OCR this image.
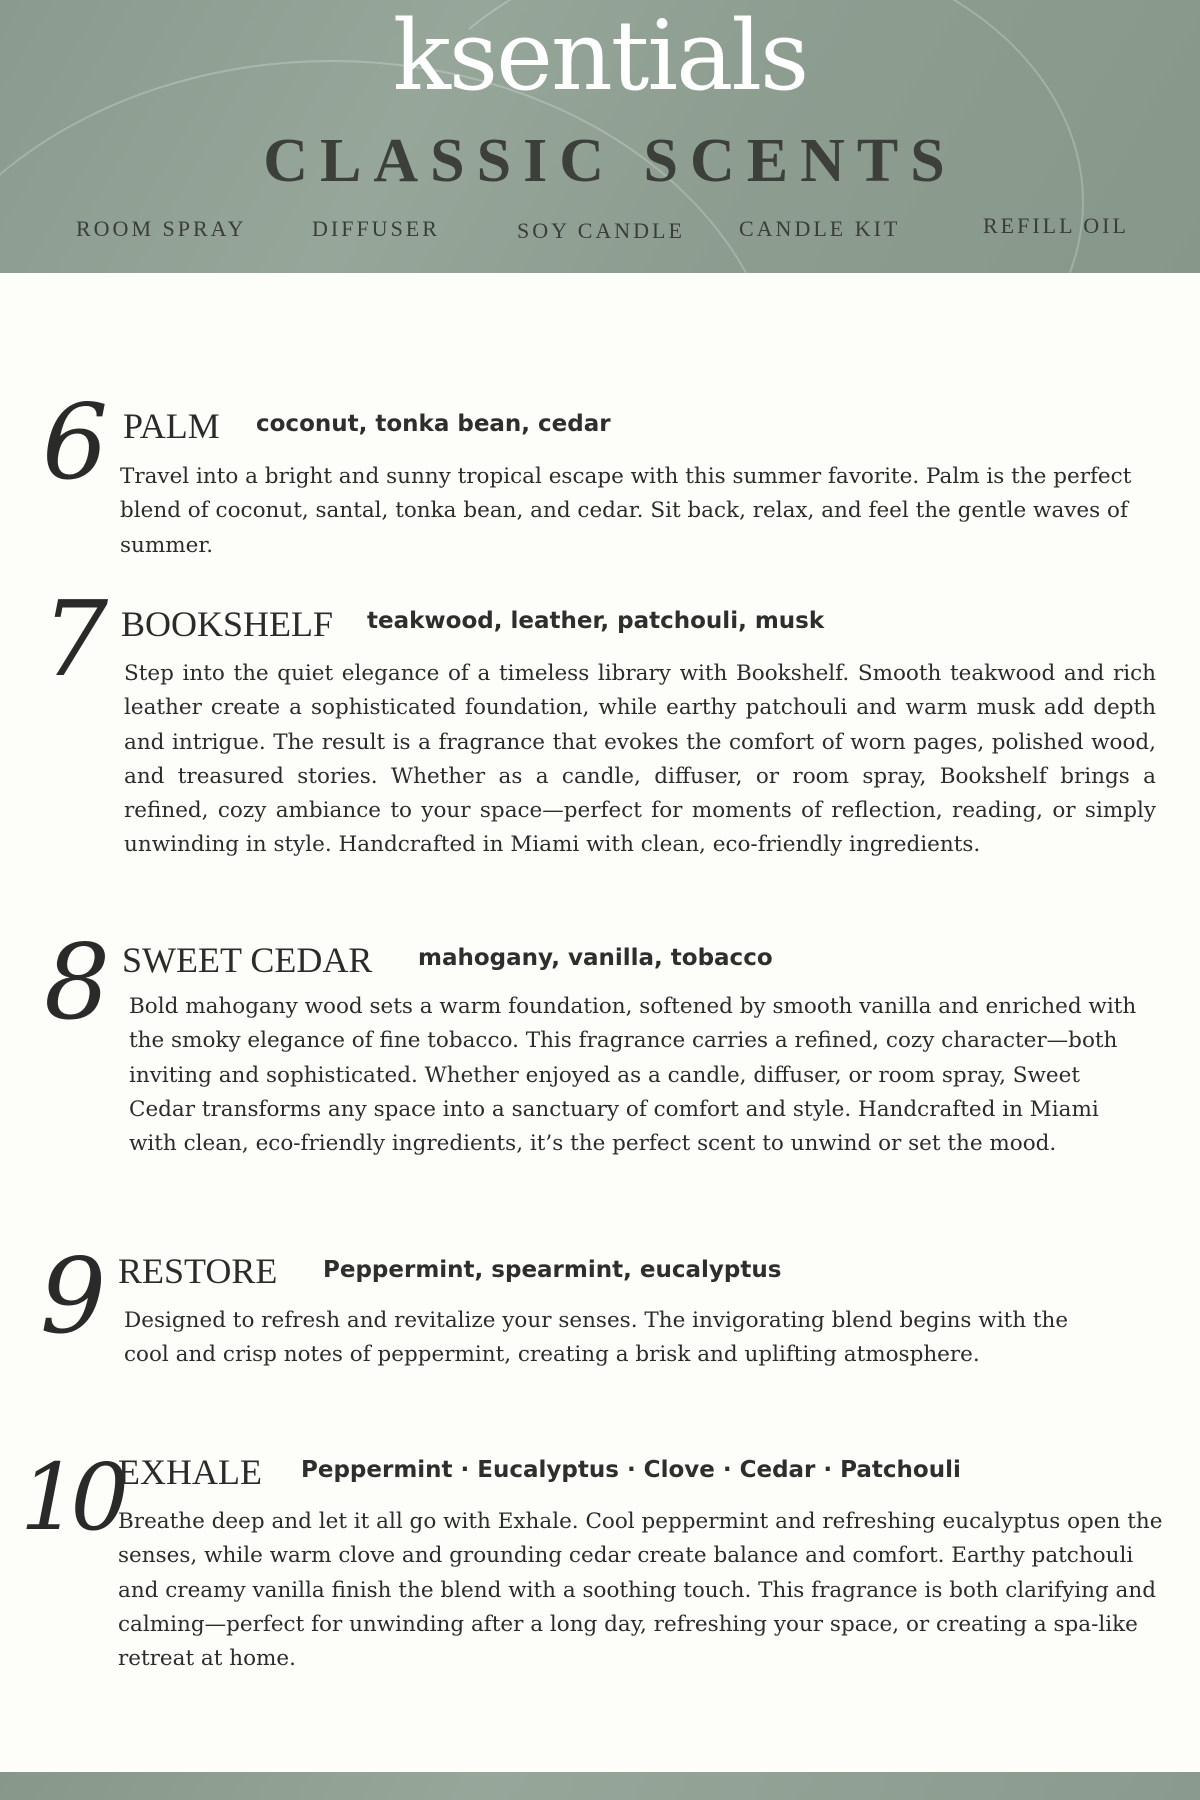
ksentials
CLASSIC SCENTS
ROOM SPRAY	DIFFUSER	SOY CANDLE CANDLE KIT	REFILL OIL
6 PALM coconut, tonka bean, cedar

Travel into a bright and sunny tropical escape with this summer favorite. Palm is the perfect blend of coconut, santal, tonka bean, and cedar. Sit back, relax, and feel the gentle waves of summer.

7 BOOKSHELF teakwood, leather, patchouli, musk

Step into the quiet elegance of a timeless library with Bookshelf. Smooth teakwood and rich leather create a sophisticated foundation, while earthy patchouli and warm musk add depth and intrigue. The result is a fragrance that evokes the comfort of worn pages, polished wood, and treasured stories. Whether as a candle, diffuser, or room spray, Bookshelf brings a refined, cozy ambiance to your space—perfect for moments of reflection, reading, or simply unwinding in style. Handcrafted in Miami with clean, eco-friendly ingredients.

8 SWEET CEDAR mahogany, vanilla, tobacco

Bold mahogany wood sets a warm foundation, softened by smooth vanilla and enriched with the smoky elegance of fine tobacco. This fragrance carries a refined, cozy character—both inviting and sophisticated. Whether enjoyed as a candle, diffuser, or room spray, Sweet Cedar transforms any space into a sanctuary of comfort and style. Handcrafted in Miami with clean, eco-friendly ingredients, it’s the perfect scent to unwind or set the mood.

9 RESTORE Peppermint, spearmint, eucalyptus

Designed to refresh and revitalize your senses. The invigorating blend begins with the cool and crisp notes of peppermint, creating a brisk and uplifting atmosphere.

10
EXHALE Peppermint · Eucalyptus · Clove · Cedar · Patchouli

Breathe deep and let it all go with Exhale. Cool peppermint and refreshing eucalyptus open the senses, while warm clove and grounding cedar create balance and comfort. Earthy patchouli and creamy vanilla finish the blend with a soothing touch. This fragrance is both clarifying and calming—perfect for unwinding after a long day, refreshing your space, or creating a spa-like retreat at home.
